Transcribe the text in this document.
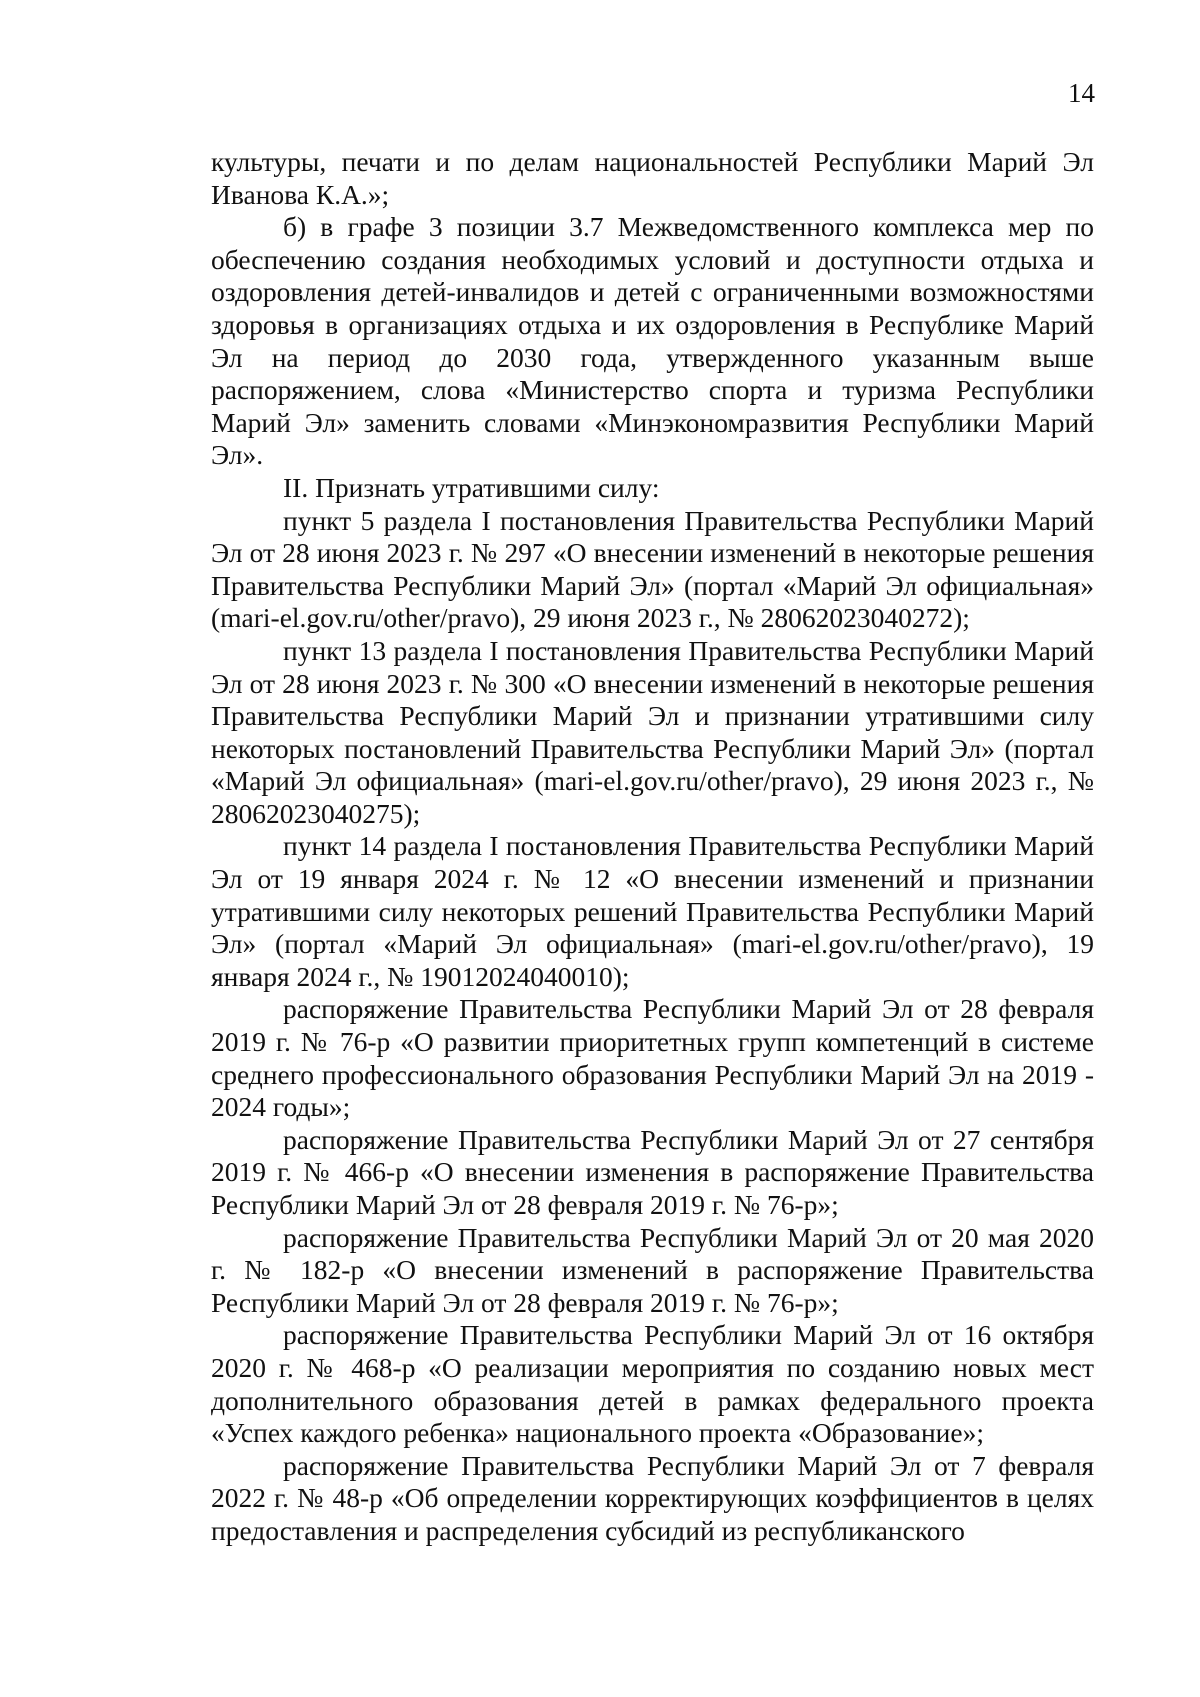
14

культуры, печати и по делам национальностей Республики Марий Эл Иванова К.А.»;

б) в графе 3 позиции 3.7 Межведомственного комплекса мер по обеспечению создания необходимых условий и доступности отдыха и оздоровления детей-инвалидов и детей с ограниченными возможностями здоровья в организациях отдыха и их оздоровления в Республике Марий Эл на период до 2030 года, утвержденного указанным выше распоряжением, слова «Министерство спорта и туризма Республики Марий Эл» заменить словами «Минэкономразвития Республики Марий Эл».

II. Признать утратившими силу:

пункт 5 раздела I постановления Правительства Республики Марий Эл от 28 июня 2023 г. № 297 «О внесении изменений в некоторые решения Правительства Республики Марий Эл» (портал «Марий Эл официальная» (mari-el.gov.ru/other/pravo), 29 июня 2023 г., № 28062023040272);

пункт 13 раздела I постановления Правительства Республики Марий Эл от 28 июня 2023 г. № 300 «О внесении изменений в некоторые решения Правительства Республики Марий Эл и признании утратившими силу некоторых постановлений Правительства Республики Марий Эл» (портал «Марий Эл официальная» (mari-el.gov.ru/other/pravo), 29 июня 2023 г., № 28062023040275);

пункт 14 раздела I постановления Правительства Республики Марий Эл от 19 января 2024 г. № 12 «О внесении изменений и признании утратившими силу некоторых решений Правительства Республики Марий Эл» (портал «Марий Эл официальная» (mari-el.gov.ru/other/pravo), 19 января 2024 г., № 19012024040010);

распоряжение Правительства Республики Марий Эл от 28 февраля 2019 г. № 76-р «О развитии приоритетных групп компетенций в системе среднего профессионального образования Республики Марий Эл на 2019 - 2024 годы»;

распоряжение Правительства Республики Марий Эл от 27 сентября 2019 г. № 466-р «О внесении изменения в распоряжение Правительства Республики Марий Эл от 28 февраля 2019 г. № 76-р»;

распоряжение Правительства Республики Марий Эл от 20 мая 2020 г. № 182-р «О внесении изменений в распоряжение Правительства Республики Марий Эл от 28 февраля 2019 г. № 76-р»;

распоряжение Правительства Республики Марий Эл от 16 октября 2020 г. № 468-р «О реализации мероприятия по созданию новых мест дополнительного образования детей в рамках федерального проекта «Успех каждого ребенка» национального проекта «Образование»;

распоряжение Правительства Республики Марий Эл от 7 февраля 2022 г. № 48-р «Об определении корректирующих коэффициентов в целях предоставления и распределения субсидий из республиканского
